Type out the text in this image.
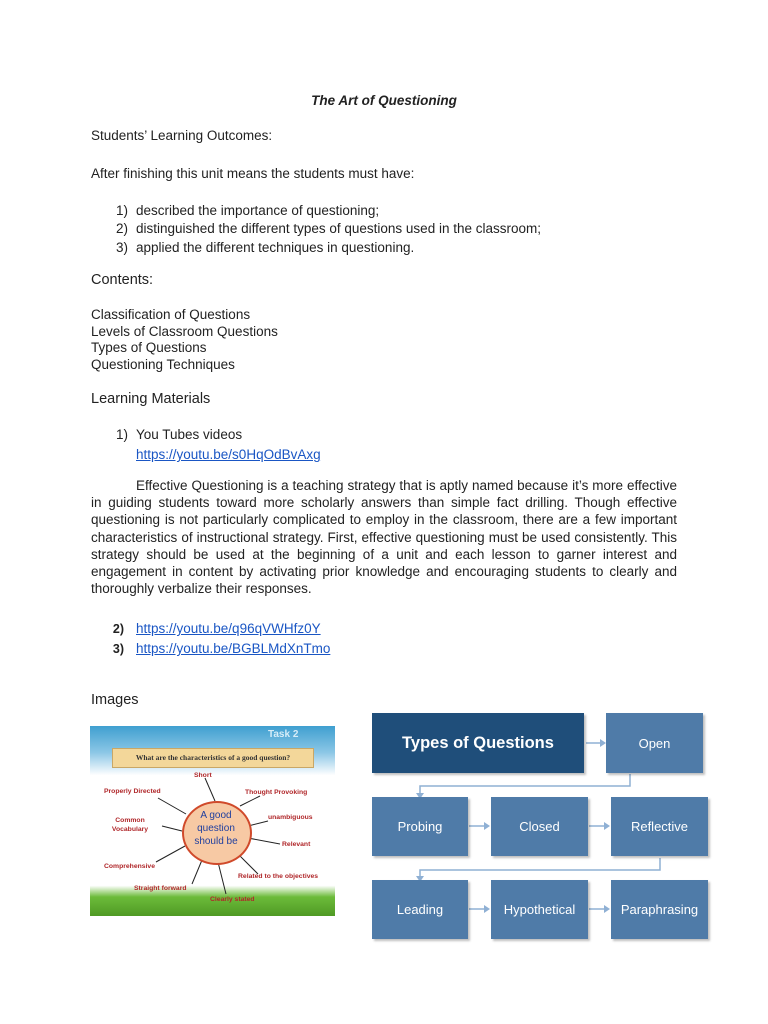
The Art of Questioning
Students’ Learning Outcomes:
After finishing this unit means the students must have:
1) described the importance of questioning;
2) distinguished the different types of questions used in the classroom;
3) applied the different techniques in questioning.
Contents:
Classification of Questions
Levels of Classroom Questions
Types of Questions
Questioning Techniques
Learning Materials
1) You Tubes videos
https://youtu.be/s0HqOdBvAxg
Effective Questioning is a teaching strategy that is aptly named because it’s more effective in guiding students toward more scholarly answers than simple fact drilling. Though effective questioning is not particularly complicated to employ in the classroom, there are a few important characteristics of instructional strategy. First, effective questioning must be used consistently. This strategy should be used at the beginning of a unit and each lesson to garner interest and engagement in content by activating prior knowledge and encouraging students to clearly and thoroughly verbalize their responses.
2) https://youtu.be/q96qVWHfz0Y
3) https://youtu.be/BGBLMdXnTmo
Images
Task 2
What are the characteristics of a good question?
A good question should be
Short
Properly Directed	Thought Provoking
Common Vocabulary
unambiguous
Relevant
Comprehensive
Related to the objectives
Straight forward
Clearly stated
Types of Questions	Open
Probing	Closed	Reflective
Leading	Hypothetical	Paraphrasing
